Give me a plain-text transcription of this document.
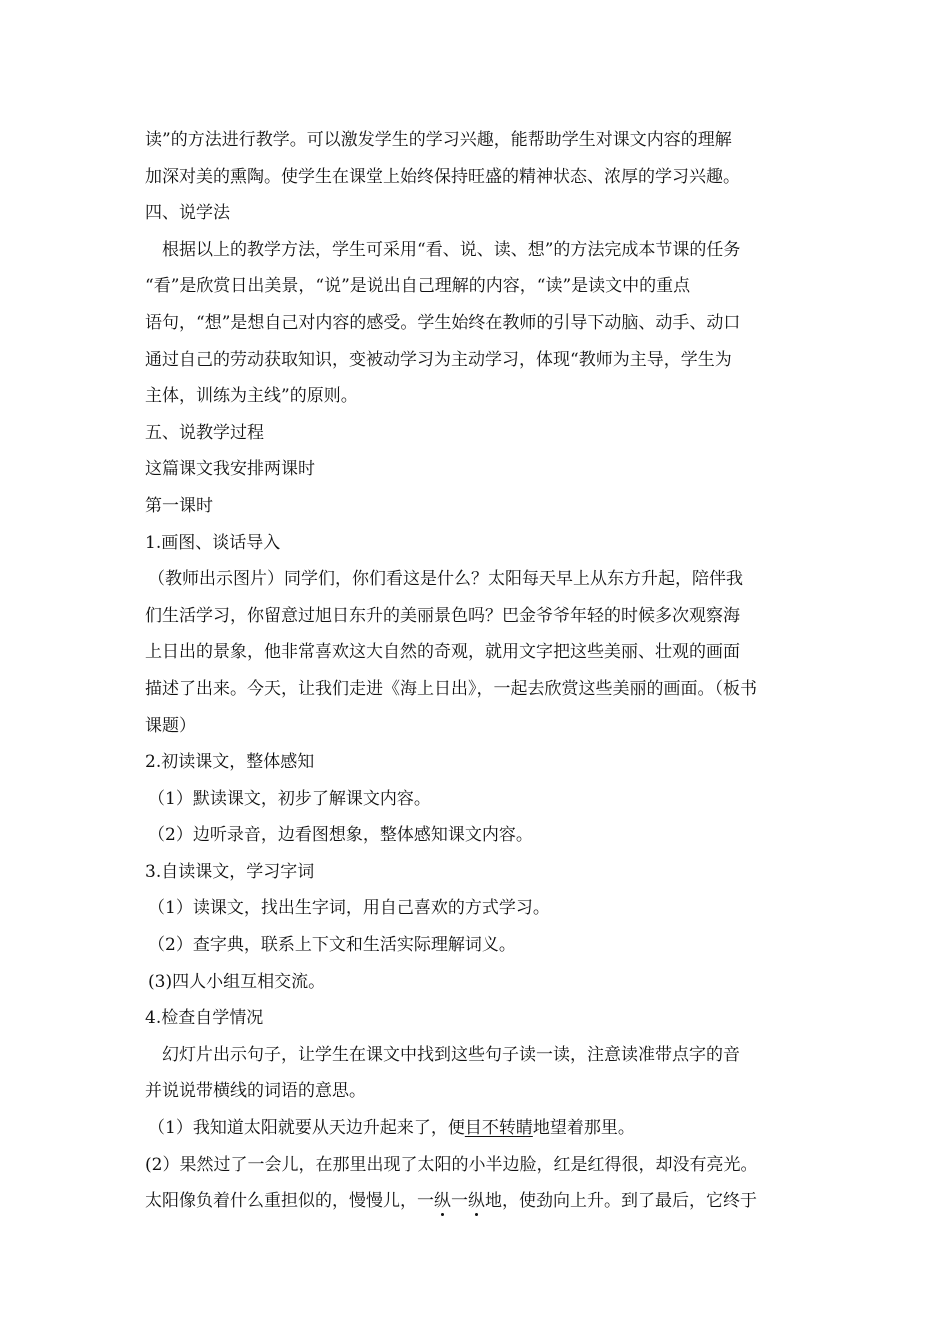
读”的方法进行教学。可以激发学生的学习兴趣，能帮助学生对课文内容的理解
加深对美的熏陶。使学生在课堂上始终保持旺盛的精神状态、浓厚的学习兴趣。
四、说学法
根据以上的教学方法，学生可采用“看、说、读、想”的方法完成本节课的任务
“看”是欣赏日出美景，“说”是说出自己理解的内容，“读”是读文中的重点
语句，“想”是想自己对内容的感受。学生始终在教师的引导下动脑、动手、动口
通过自己的劳动获取知识，变被动学习为主动学习，体现“教师为主导，学生为
主体，训练为主线”的原则。
五、说教学过程
这篇课文我安排两课时
第一课时
1.画图、谈话导入
（教师出示图片）同学们，你们看这是什么？太阳每天早上从东方升起，陪伴我
们生活学习，你留意过旭日东升的美丽景色吗？巴金爷爷年轻的时候多次观察海
上日出的景象，他非常喜欢这大自然的奇观，就用文字把这些美丽、壮观的画面
描述了出来。今天，让我们走进《海上日出》，一起去欣赏这些美丽的画面。（板书
课题）
2.初读课文，整体感知
（1）默读课文，初步了解课文内容。
（2）边听录音，边看图想象，整体感知课文内容。
3.自读课文，学习字词
（1）读课文，找出生字词，用自己喜欢的方式学习。
（2）查字典，联系上下文和生活实际理解词义。
(3)四人小组互相交流。
4.检查自学情况
幻灯片出示句子，让学生在课文中找到这些句子读一读，注意读准带点字的音
并说说带横线的词语的意思。
（1）我知道太阳就要从天边升起来了，便目不转睛地望着那里。
(2）果然过了一会儿，在那里出现了太阳的小半边脸，红是红得很，却没有亮光。
太阳像负着什么重担似的，慢慢儿，一纵一纵地，使劲向上升。到了最后，它终于
